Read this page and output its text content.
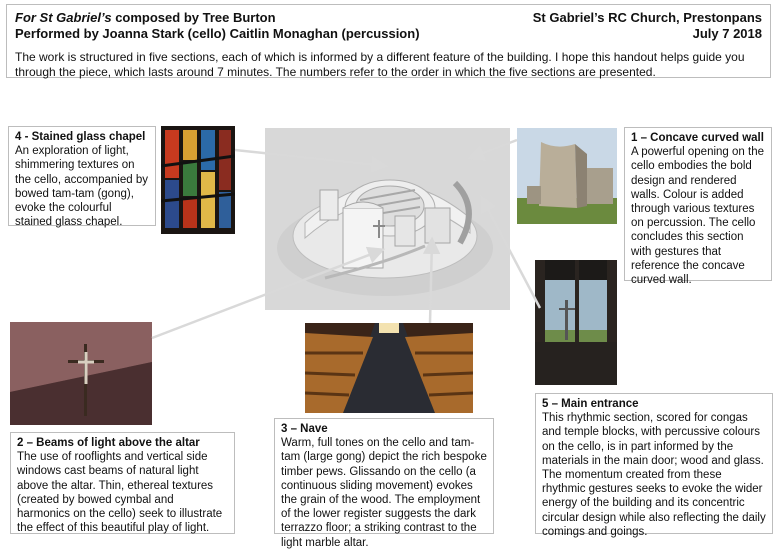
For St Gabriel’s composed by Tree Burton
Performed by Joanna Stark (cello) Caitlin Monaghan (percussion)
St Gabriel’s RC Church, Prestonpans
July 7 2018
The work is structured in five sections, each of which is informed by a different feature of the building. I hope this handout helps guide you through the piece, which lasts around 7 minutes. The numbers refer to the order in which the five sections are presented.
4 - Stained glass chapel
An exploration of light, shimmering textures on the cello, accompanied by bowed tam-tam (gong), evoke the colourful stained glass chapel.
1 – Concave curved wall
A powerful opening on the cello embodies the bold design and rendered walls. Colour is added through various textures on percussion. The cello concludes this section with gestures that reference the concave curved wall.
2 – Beams of light above the altar
The use of rooflights and vertical side windows cast beams of natural light above the altar. Thin, ethereal textures (created by bowed cymbal and harmonics on the cello) seek to illustrate the effect of this beautiful play of light.
3 – Nave
Warm, full tones on the cello and tam-tam (large gong) depict the rich bespoke timber pews. Glissando on the cello (a continuous sliding movement) evokes the grain of the wood. The employment of the lower register suggests the dark terrazzo floor; a striking contrast to the light marble altar.
5 – Main entrance
This rhythmic section, scored for congas and temple blocks, with percussive colours on the cello, is in part informed by the materials in the main door; wood and glass. The momentum created from these rhythmic gestures seeks to evoke the wider energy of the building and its concentric circular design while also reflecting the daily comings and goings.
